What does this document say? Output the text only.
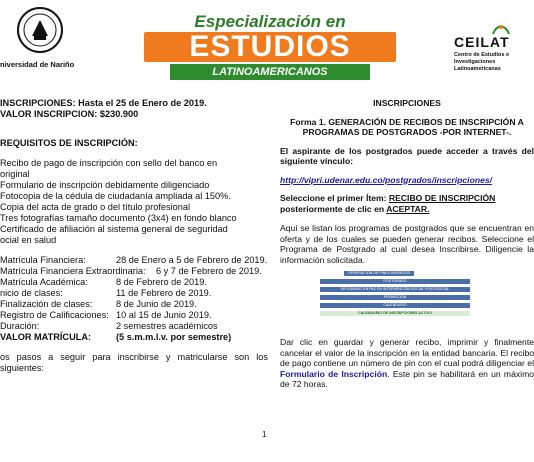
niversidad de Nariño
Especialización en
ESTUDIOS
LATINOAMERICANOS
CEILAT
Centro de Estudios e Investigaciones Latinoamericanas

INSCRIPCIONES: Hasta el 25 de Enero de 2019.

VALOR INSCRIPCION: $230.900

REQUISITOS DE INSCRIPCIÓN:

Recibo de pago de inscripción con sello del banco en

original

Formulario de inscripción debidamente diligenciado

Fotocopia de la cédula de ciudadanía ampliada al 150%.

Copia del acta de grado o del título profesional

Tres fotografías tamaño documento (3x4) en fondo blanco

Certificado de afiliación al sistema general de seguridad

ocial en salud

Matrícula Financiera:	28 de Enero a 5 de Febrero de 2019.
Matrícula Financiera Extraordinaria: 6 y 7 de Febrero de 2019.
Matrícula Académica:	8 de Febrero de 2019.
nicio de clases:	11 de Febrero de 2019.
Finalización de clases:	8 de Junio de 2019.
Registro de Calificaciones: 10 al 15 de Junio 2019.
Duración:	2 semestres académicos
VALOR MATRÍCULA:	(5 s.m.m.l.v. por semestre)

os pasos a seguir para inscribirse y matricularse son los siguientes:

INSCRIPCIONES

Forma 1. GENERACIÓN DE RECIBOS DE INSCRIPCIÓN A PROGRAMAS DE POSTGRADOS -POR INTERNET-.

El aspirante de los postgrados puede acceder a través del siguiente vínculo:

http://vipri.udenar.edu.co/postgrados/inscripciones/

Seleccione el primer Ítem: RECIBO DE INSCRIPCIÓN posteriormente de clic en ACEPTAR.

Aquí se listan los programas de postgrados que se encuentran en oferta y de los cuales se pueden generar recibos. Seleccione el Programa de Postgrado al cual desea Inscribirse. Diligencie la información solicitada.

GENERACIÓN DE PINES INGRESOS
POSTGRADO
DIPLOMADO EN PAZ EN INTERVENCIÓN SOCIAL PSICOSOCIAL
PROMOCION
CALENDARIO
CALENDARIO DE INSCRIPCIONES ACTIVO

Dar clic en guardar y generar recibo, imprimir y finalmente cancelar el valor de la inscripción en la entidad bancaria. El recibo de pago contiene un número de pin con el cual podrá diligenciar el Formulario de Inscripción. Este pin se habilitará en un máximo de 72 horas.

1
